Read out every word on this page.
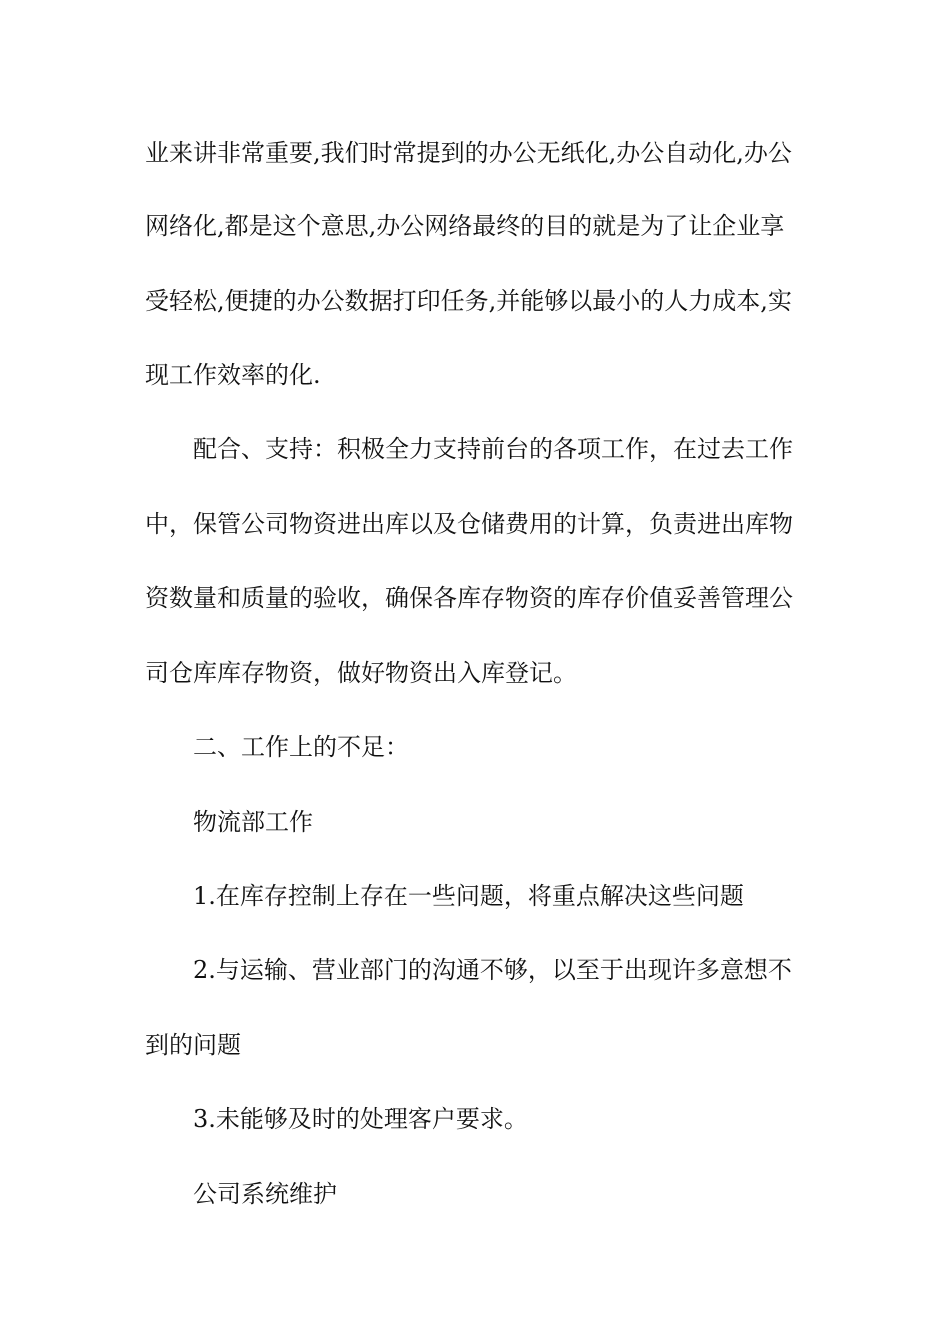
业来讲非常重要,我们时常提到的办公无纸化,办公自动化,办公

网络化,都是这个意思,办公网络最终的目的就是为了让企业享

受轻松,便捷的办公数据打印任务,并能够以最小的人力成本,实

现工作效率的化.

配合、支持：积极全力支持前台的各项工作，在过去工作

中，保管公司物资进出库以及仓储费用的计算，负责进出库物

资数量和质量的验收，确保各库存物资的库存价值妥善管理公

司仓库库存物资，做好物资出入库登记。

二、工作上的不足：

物流部工作

1.在库存控制上存在一些问题，将重点解决这些问题

2.与运输、营业部门的沟通不够，以至于出现许多意想不

到的问题

3.未能够及时的处理客户要求。

公司系统维护
